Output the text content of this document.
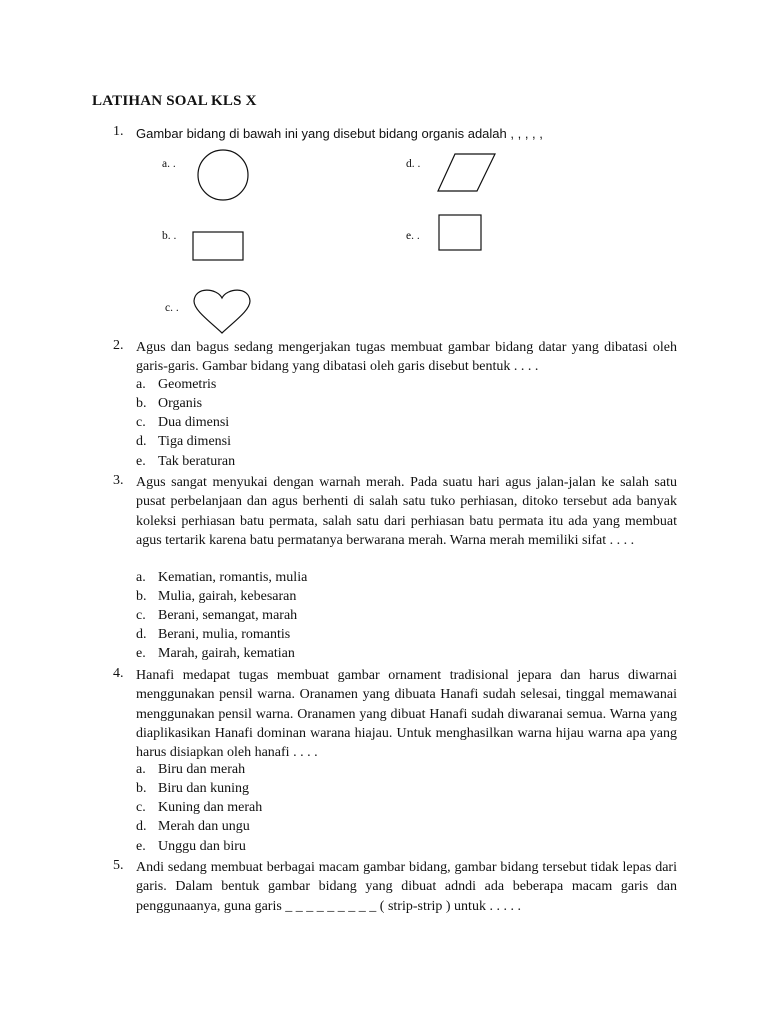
LATIHAN SOAL KLS X
1. Gambar bidang di bawah ini yang disebut bidang organis adalah , , , , ,
a. .	d. .
b. .	e. .
c. .
2. Agus dan bagus sedang mengerjakan tugas membuat gambar bidang datar yang dibatasi oleh garis-garis. Gambar bidang yang dibatasi oleh garis disebut bentuk . . . .
a. Geometris
b. Organis
c. Dua dimensi
d. Tiga dimensi
e. Tak beraturan
3. Agus sangat menyukai dengan warnah merah. Pada suatu hari agus jalan-jalan ke salah satu pusat perbelanjaan dan agus berhenti di salah satu tuko perhiasan, ditoko tersebut ada banyak koleksi perhiasan batu permata, salah satu dari perhiasan batu permata itu ada yang membuat agus tertarik karena batu permatanya berwarana merah. Warna merah memiliki sifat . . . .
a. Kematian, romantis, mulia
b. Mulia, gairah, kebesaran
c. Berani, semangat, marah
d. Berani, mulia, romantis
e. Marah, gairah, kematian
4. Hanafi medapat tugas membuat gambar ornament tradisional jepara dan harus diwarnai menggunakan pensil warna. Oranamen yang dibuata Hanafi sudah selesai, tinggal memawanai menggunakan pensil warna. Oranamen yang dibuat Hanafi sudah diwaranai semua. Warna yang diaplikasikan Hanafi dominan warana hiajau. Untuk menghasilkan warna hijau warna apa yang harus disiapkan oleh hanafi . . . .
a. Biru dan merah
b. Biru dan kuning
c. Kuning dan merah
d. Merah dan ungu
e. Unggu dan biru
5. Andi sedang membuat berbagai macam gambar bidang, gambar bidang tersebut tidak lepas dari garis. Dalam bentuk gambar bidang yang dibuat adndi ada beberapa macam garis dan penggunaanya, guna garis _ _ _ _ _ _ _ _ _ ( strip-strip ) untuk . . . . .
